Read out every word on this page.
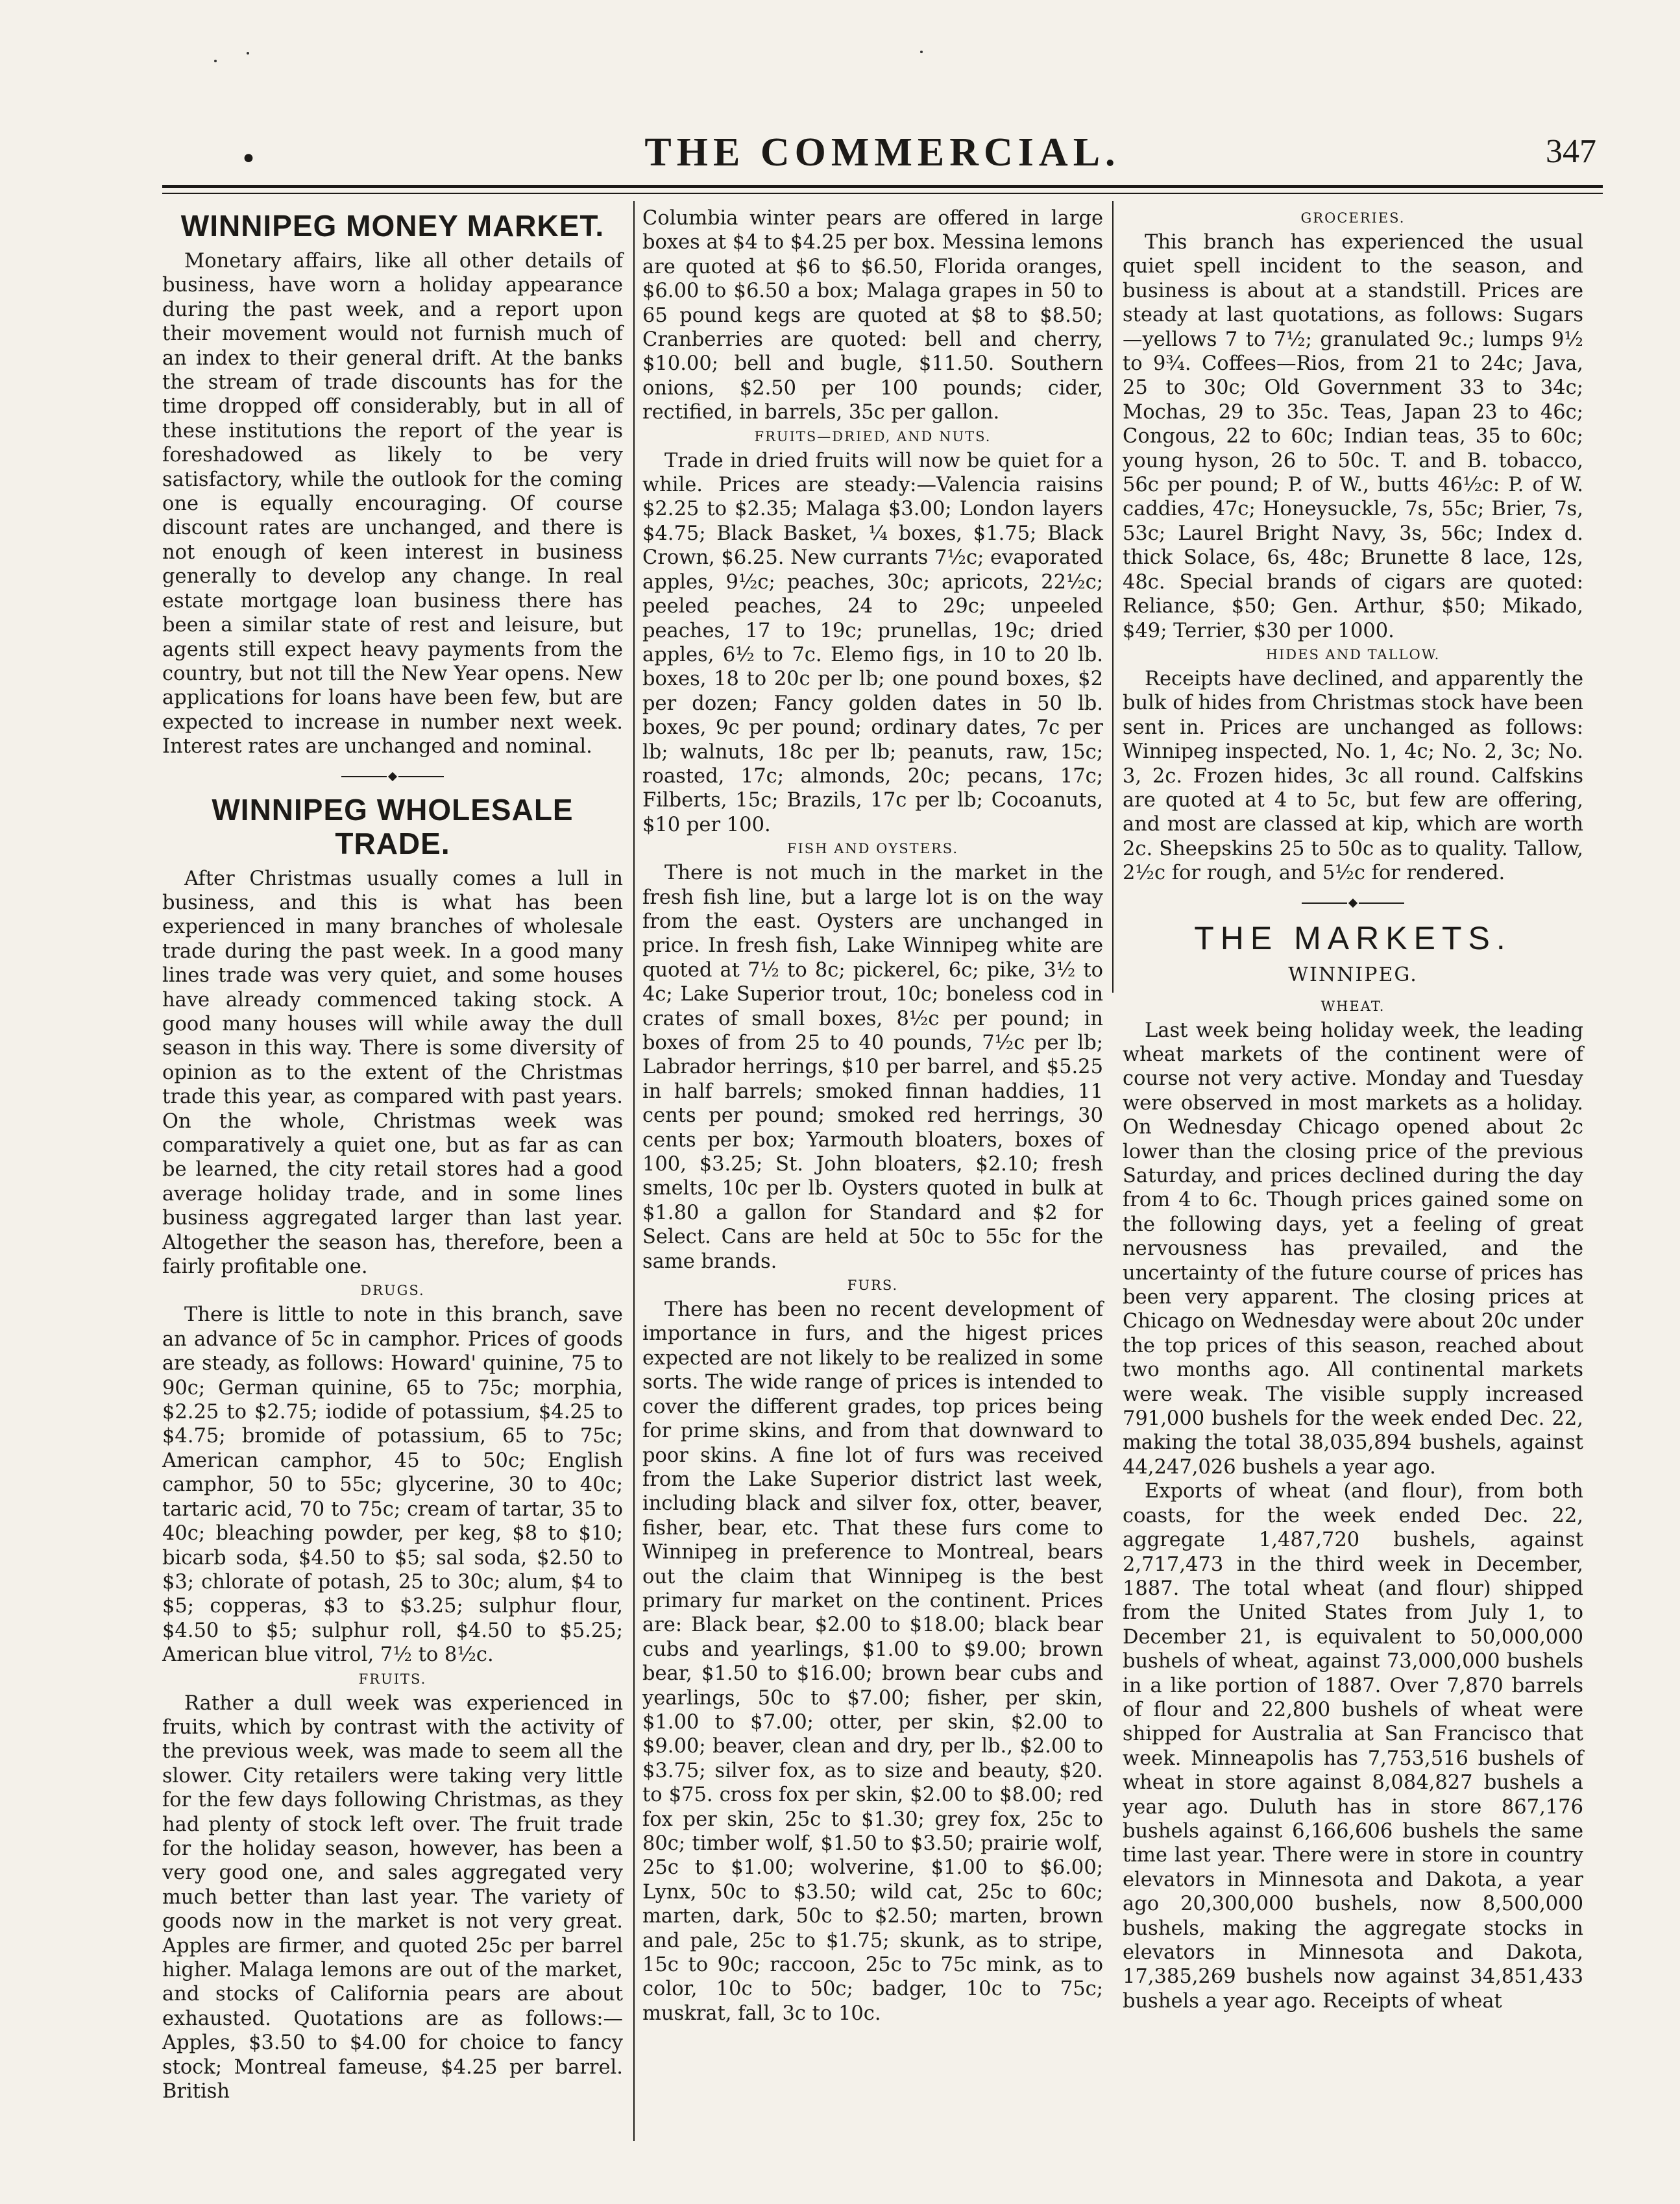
•	THE COMMERCIAL.	347
WINNIPEG MONEY MARKET.

Monetary affairs, like all other details of business, have worn a holiday appearance during the past week, and a report upon their movement would not furnish much of an index to their general drift. At the banks the stream of trade discounts has for the time dropped off considerably, but in all of these institutions the report of the year is foreshadowed as likely to be very satisfactory, while the outlook for the coming one is equally encouraging. Of course discount rates are unchanged, and there is not enough of keen interest in business generally to develop any change. In real estate mortgage loan business there has been a similar state of rest and leisure, but agents still expect heavy payments from the country, but not till the New Year opens. New applications for loans have been few, but are expected to increase in number next week. Interest rates are unchanged and nominal.

WINNIPEG WHOLESALE TRADE.

After Christmas usually comes a lull in business, and this is what has been experienced in many branches of wholesale trade during the past week. In a good many lines trade was very quiet, and some houses have already commenced taking stock. A good many houses will while away the dull season in this way. There is some diversity of opinion as to the extent of the Christmas trade this year, as compared with past years. On the whole, Christmas week was comparatively a quiet one, but as far as can be learned, the city retail stores had a good average holiday trade, and in some lines business aggregated larger than last year. Altogether the season has, therefore, been a fairly profitable one.

DRUGS.

There is little to note in this branch, save an advance of 5c in camphor. Prices of goods are steady, as follows: Howard' quinine, 75 to 90c; German quinine, 65 to 75c; morphia, $2.25 to $2.75; iodide of potassium, $4.25 to $4.75; bromide of potassium, 65 to 75c; American camphor, 45 to 50c; English camphor, 50 to 55c; glycerine, 30 to 40c; tartaric acid, 70 to 75c; cream of tartar, 35 to 40c; bleaching powder, per keg, $8 to $10; bicarb soda, $4.50 to $5; sal soda, $2.50 to $3; chlorate of potash, 25 to 30c; alum, $4 to $5; copperas, $3 to $3.25; sulphur flour, $4.50 to $5; sulphur roll, $4.50 to $5.25; American blue vitrol, 7½ to 8½c.

FRUITS.

Rather a dull week was experienced in fruits, which by contrast with the activity of the previous week, was made to seem all the slower. City retailers were taking very little for the few days following Christmas, as they had plenty of stock left over. The fruit trade for the holiday season, however, has been a very good one, and sales aggregated very much better than last year. The variety of goods now in the market is not very great. Apples are firmer, and quoted 25c per barrel higher. Malaga lemons are out of the market, and stocks of California pears are about exhausted. Quotations are as follows:—Apples, $3.50 to $4.00 for choice to fancy stock; Montreal fameuse, $4.25 per barrel. British

Columbia winter pears are offered in large boxes at $4 to $4.25 per box. Messina lemons are quoted at $6 to $6.50, Florida oranges, $6.00 to $6.50 a box; Malaga grapes in 50 to 65 pound kegs are quoted at $8 to $8.50; Cranberries are quoted: bell and cherry, $10.00; bell and bugle, $11.50. Southern onions, $2.50 per 100 pounds; cider, rectified, in barrels, 35c per gallon.

FRUITS—DRIED, AND NUTS.

Trade in dried fruits will now be quiet for a while. Prices are steady:—Valencia raisins $2.25 to $2.35; Malaga $3.00; London layers $4.75; Black Basket, ¼ boxes, $1.75; Black Crown, $6.25. New currants 7½c; evaporated apples, 9½c; peaches, 30c; apricots, 22½c; peeled peaches, 24 to 29c; unpeeled peaches, 17 to 19c; prunellas, 19c; dried apples, 6½ to 7c. Elemo figs, in 10 to 20 lb. boxes, 18 to 20c per lb; one pound boxes, $2 per dozen; Fancy golden dates in 50 lb. boxes, 9c per pound; ordinary dates, 7c per lb; walnuts, 18c per lb; peanuts, raw, 15c; roasted, 17c; almonds, 20c; pecans, 17c; Filberts, 15c; Brazils, 17c per lb; Cocoanuts, $10 per 100.

FISH AND OYSTERS.

There is not much in the market in the fresh fish line, but a large lot is on the way from the east. Oysters are unchanged in price. In fresh fish, Lake Winnipeg white are quoted at 7½ to 8c; pickerel, 6c; pike, 3½ to 4c; Lake Superior trout, 10c; boneless cod in crates of small boxes, 8½c per pound; in boxes of from 25 to 40 pounds, 7½c per lb; Labrador herrings, $10 per barrel, and $5.25 in half barrels; smoked finnan haddies, 11 cents per pound; smoked red herrings, 30 cents per box; Yarmouth bloaters, boxes of 100, $3.25; St. John bloaters, $2.10; fresh smelts, 10c per lb. Oysters quoted in bulk at $1.80 a gallon for Standard and $2 for Select. Cans are held at 50c to 55c for the same brands.

FURS.

There has been no recent development of importance in furs, and the higest prices expected are not likely to be realized in some sorts. The wide range of prices is intended to cover the different grades, top prices being for prime skins, and from that downward to poor skins. A fine lot of furs was received from the Lake Superior district last week, including black and silver fox, otter, beaver, fisher, bear, etc. That these furs come to Winnipeg in preference to Montreal, bears out the claim that Winnipeg is the best primary fur market on the continent. Prices are: Black bear, $2.00 to $18.00; black bear cubs and yearlings, $1.00 to $9.00; brown bear, $1.50 to $16.00; brown bear cubs and yearlings, 50c to $7.00; fisher, per skin, $1.00 to $7.00; otter, per skin, $2.00 to $9.00; beaver, clean and dry, per lb., $2.00 to $3.75; silver fox, as to size and beauty, $20. to $75. cross fox per skin, $2.00 to $8.00; red fox per skin, 25c to $1.30; grey fox, 25c to 80c; timber wolf, $1.50 to $3.50; prairie wolf, 25c to $1.00; wolverine, $1.00 to $6.00; Lynx, 50c to $3.50; wild cat, 25c to 60c; marten, dark, 50c to $2.50; marten, brown and pale, 25c to $1.75; skunk, as to stripe, 15c to 90c; raccoon, 25c to 75c mink, as to color, 10c to 50c; badger, 10c to 75c; muskrat, fall, 3c to 10c.

GROCERIES.

This branch has experienced the usual quiet spell incident to the season, and business is about at a standstill. Prices are steady at last quotations, as follows: Sugars—yellows 7 to 7½; granulated 9c.; lumps 9½ to 9¾. Coffees—Rios, from 21 to 24c; Java, 25 to 30c; Old Government 33 to 34c; Mochas, 29 to 35c. Teas, Japan 23 to 46c; Congous, 22 to 60c; Indian teas, 35 to 60c; young hyson, 26 to 50c. T. and B. tobacco, 56c per pound; P. of W., butts 46½c: P. of W. caddies, 47c; Honeysuckle, 7s, 55c; Brier, 7s, 53c; Laurel Bright Navy, 3s, 56c; Index d. thick Solace, 6s, 48c; Brunette 8 lace, 12s, 48c. Special brands of cigars are quoted: Reliance, $50; Gen. Arthur, $50; Mikado, $49; Terrier, $30 per 1000.

HIDES AND TALLOW.

Receipts have declined, and apparently the bulk of hides from Christmas stock have been sent in. Prices are unchanged as follows: Winnipeg inspected, No. 1, 4c; No. 2, 3c; No. 3, 2c. Frozen hides, 3c all round. Calfskins are quoted at 4 to 5c, but few are offering, and most are classed at kip, which are worth 2c. Sheepskins 25 to 50c as to quality. Tallow, 2½c for rough, and 5½c for rendered.

THE MARKETS.
WINNIPEG.
WHEAT.

Last week being holiday week, the leading wheat markets of the continent were of course not very active. Monday and Tuesday were observed in most markets as a holiday. On Wednesday Chicago opened about 2c lower than the closing price of the previous Saturday, and prices declined during the day from 4 to 6c. Though prices gained some on the following days, yet a feeling of great nervousness has prevailed, and the uncertainty of the future course of prices has been very apparent. The closing prices at Chicago on Wednesday were about 20c under the top prices of this season, reached about two months ago. All continental markets were weak. The visible supply increased 791,000 bushels for the week ended Dec. 22, making the total 38,035,894 bushels, against 44,247,026 bushels a year ago.

Exports of wheat (and flour), from both coasts, for the week ended Dec. 22, aggregate 1,487,720 bushels, against 2,717,473 in the third week in December, 1887. The total wheat (and flour) shipped from the United States from July 1, to December 21, is equivalent to 50,000,000 bushels of wheat, against 73,000,000 bushels in a like portion of 1887. Over 7,870 barrels of flour and 22,800 bushels of wheat were shipped for Australia at San Francisco that week. Minneapolis has 7,753,516 bushels of wheat in store against 8,084,827 bushels a year ago. Duluth has in store 867,176 bushels against 6,166,606 bushels the same time last year. There were in store in country elevators in Minnesota and Dakota, a year ago 20,300,000 bushels, now 8,500,000 bushels, making the aggregate stocks in elevators in Minnesota and Dakota, 17,385,269 bushels now against 34,851,433 bushels a year ago. Receipts of wheat
